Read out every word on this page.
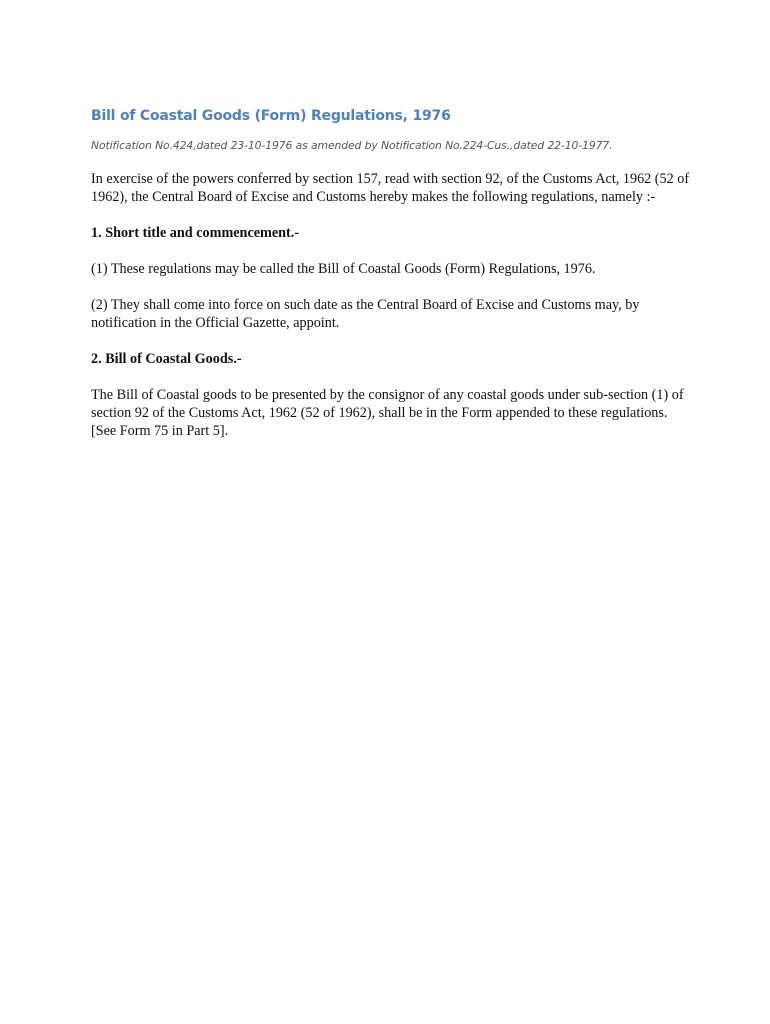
Bill of Coastal Goods (Form) Regulations, 1976

Notification No.424,dated 23-10-1976 as amended by Notification No.224-Cus.,dated 22-10-1977.

In exercise of the powers conferred by section 157, read with section 92, of the Customs Act, 1962 (52 of 1962), the Central Board of Excise and Customs hereby makes the following regulations, namely :-

1. Short title and commencement.-

(1) These regulations may be called the Bill of Coastal Goods (Form) Regulations, 1976.

(2) They shall come into force on such date as the Central Board of Excise and Customs may, by notification in the Official Gazette, appoint.

2. Bill of Coastal Goods.-

The Bill of Coastal goods to be presented by the consignor of any coastal goods under sub-section (1) of section 92 of the Customs Act, 1962 (52 of 1962), shall be in the Form appended to these regulations. [See Form 75 in Part 5].
